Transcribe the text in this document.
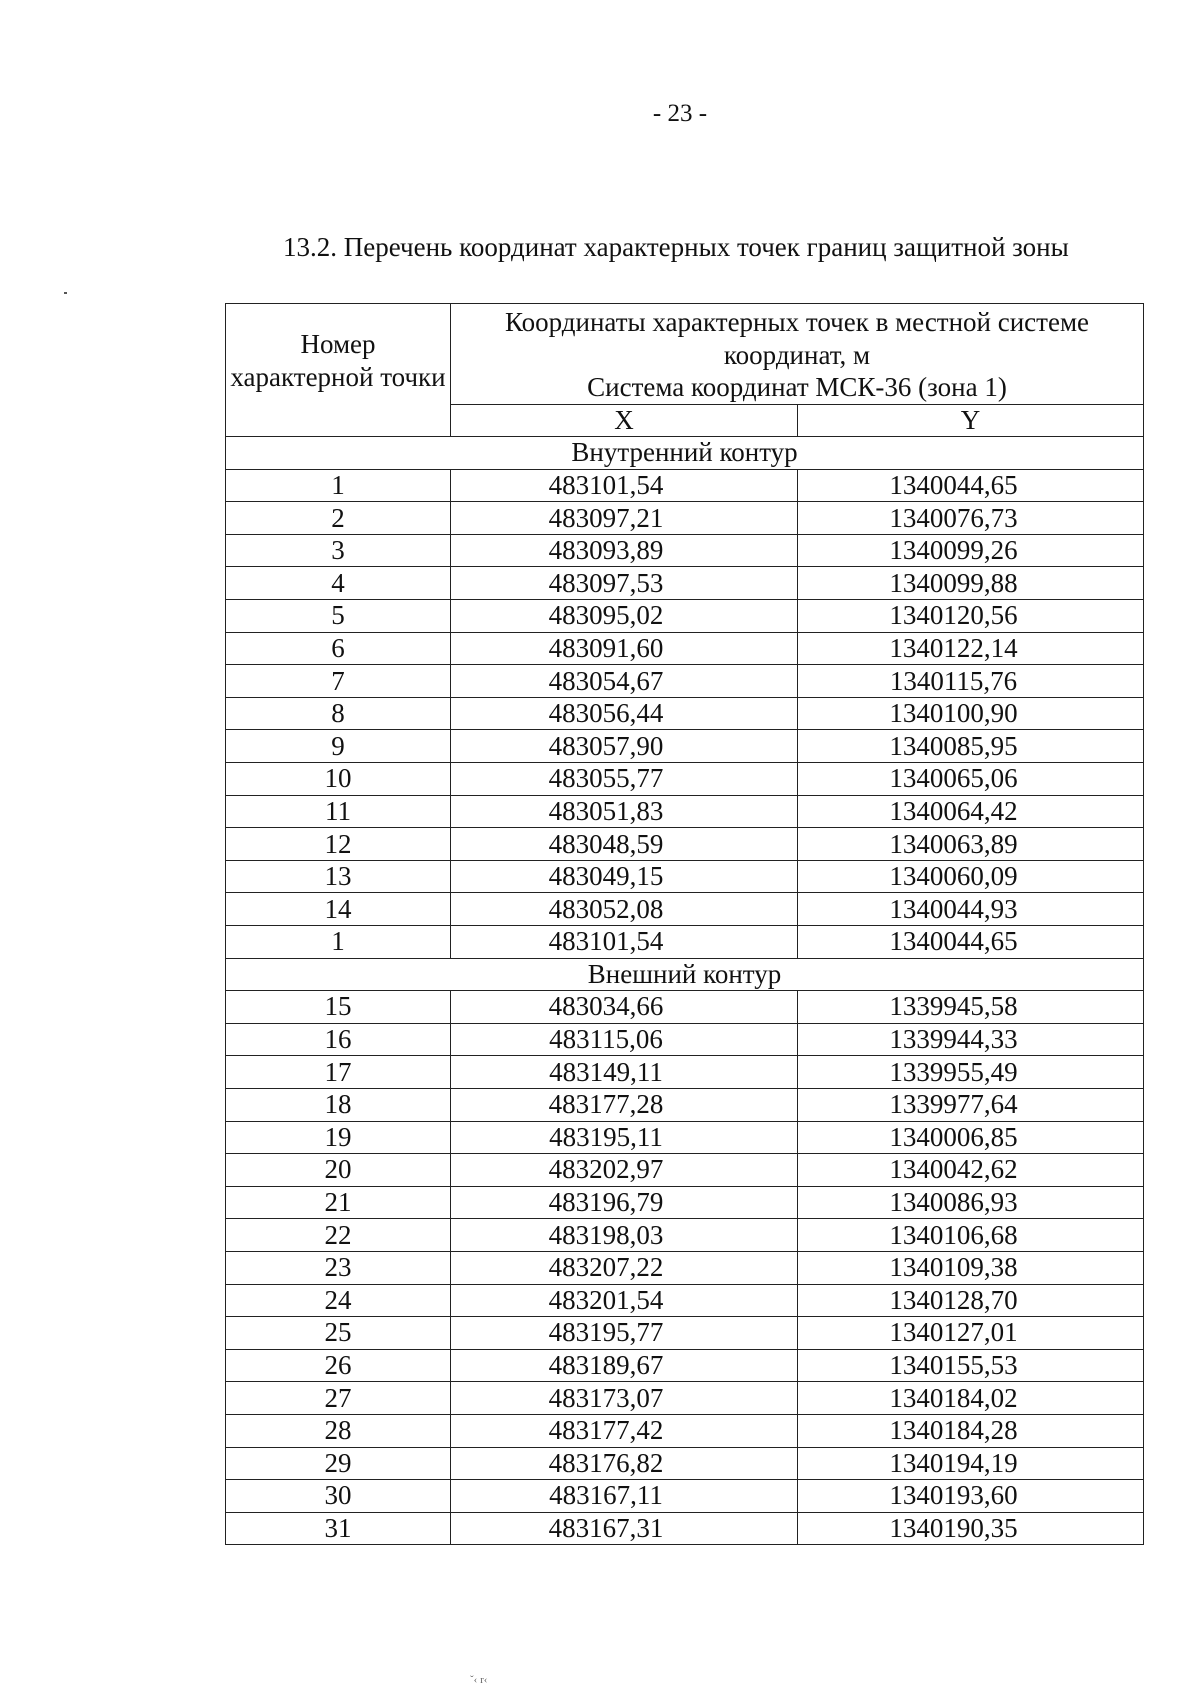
- 23 -
13.2. Перечень координат характерных точек границ защитной зоны
Номер характерной точки	Координаты характерных точек в местной системе координат, м
Система координат МСК-36 (зона 1)	

	X	Y
Внутренний контур		
1	483101,54	1340044,65
2	483097,21	1340076,73
3	483093,89	1340099,26
4	483097,53	1340099,88
5	483095,02	1340120,56
6	483091,60	1340122,14
7	483054,67	1340115,76
8	483056,44	1340100,90
9	483057,90	1340085,95
10	483055,77	1340065,06
11	483051,83	1340064,42
12	483048,59	1340063,89
13	483049,15	1340060,09
14	483052,08	1340044,93
1	483101,54	1340044,65
Внешний контур		
15	483034,66	1339945,58
16	483115,06	1339944,33
17	483149,11	1339955,49
18	483177,28	1339977,64
19	483195,11	1340006,85
20	483202,97	1340042,62
21	483196,79	1340086,93
22	483198,03	1340106,68
23	483207,22	1340109,38
24	483201,54	1340128,70
25	483195,77	1340127,01
26	483189,67	1340155,53
27	483173,07	1340184,02
28	483177,42	1340184,28
29	483176,82	1340194,19
30	483167,11	1340193,60
31	483167,31	1340190,35
ˇ‹ r‹
